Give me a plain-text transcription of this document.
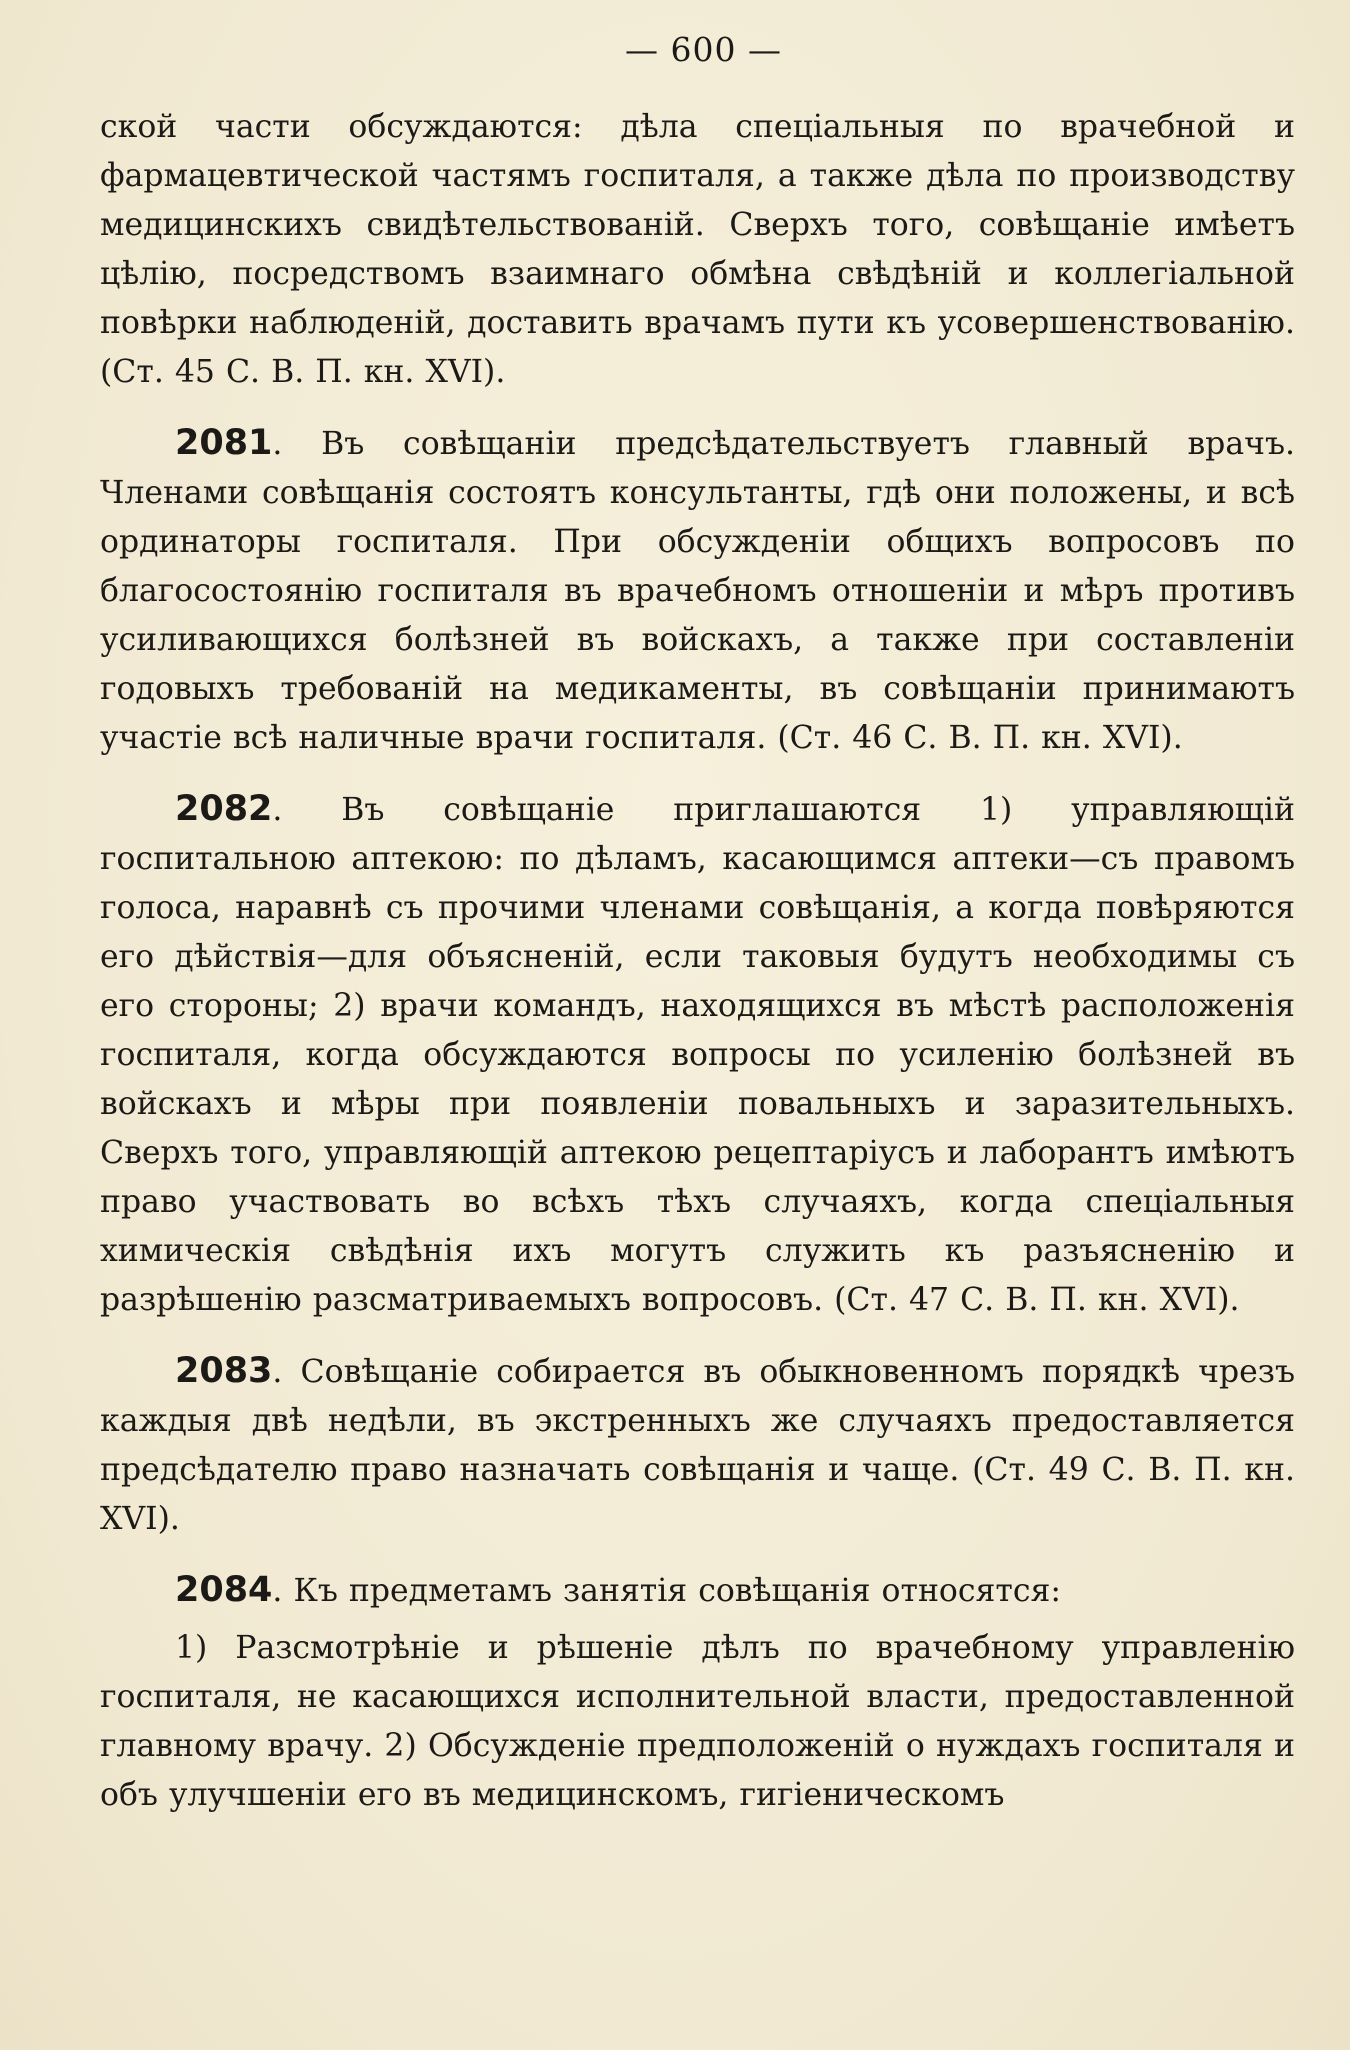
— 600 —

ской части обсуждаются: дѣла спеціальныя по врачебной и фармацевтической частямъ госпиталя, а также дѣла по производству медицинскихъ свидѣтельствованій. Сверхъ того, совѣщаніе имѣетъ цѣлію, посредствомъ взаимнаго обмѣна свѣдѣній и коллегіальной повѣрки наблюденій, доставить врачамъ пути къ усовершенствованію. (Ст. 45 С. В. П. кн. XVI).

2081. Въ совѣщаніи предсѣдательствуетъ главный врачъ. Членами совѣщанія состоятъ консультанты, гдѣ они положены, и всѣ ординаторы госпиталя. При обсужденіи общихъ вопросовъ по благосостоянію госпиталя въ врачебномъ отношеніи и мѣръ противъ усиливающихся болѣзней въ войскахъ, а также при составленіи годовыхъ требованій на медикаменты, въ совѣщаніи принимаютъ участіе всѣ наличные врачи госпиталя. (Ст. 46 С. В. П. кн. XVI).

2082. Въ совѣщаніе приглашаются 1) управляющій госпитальною аптекою: по дѣламъ, касающимся аптеки—съ правомъ голоса, наравнѣ съ прочими членами совѣщанія, а когда повѣряются его дѣйствія—для объясненій, если таковыя будутъ необходимы съ его стороны; 2) врачи командъ, находящихся въ мѣстѣ расположенія госпиталя, когда обсуждаются вопросы по усиленію болѣзней въ войскахъ и мѣры при появленіи повальныхъ и заразительныхъ. Сверхъ того, управляющій аптекою рецептаріусъ и лаборантъ имѣютъ право участвовать во всѣхъ тѣхъ случаяхъ, когда спеціальныя химическія свѣдѣнія ихъ могутъ служить къ разъясненію и разрѣшенію разсматриваемыхъ вопросовъ. (Ст. 47 С. В. П. кн. XVI).

2083. Совѣщаніе собирается въ обыкновенномъ порядкѣ чрезъ каждыя двѣ недѣли, въ экстренныхъ же случаяхъ предоставляется предсѣдателю право назначать совѣщанія и чаще. (Ст. 49 С. В. П. кн. XVI).

2084. Къ предметамъ занятія совѣщанія относятся:

1) Разсмотрѣніе и рѣшеніе дѣлъ по врачебному управленію госпиталя, не касающихся исполнительной власти, предоставленной главному врачу. 2) Обсужденіе предположеній о нуждахъ госпиталя и объ улучшеніи его въ медицинскомъ, гигіеническомъ
